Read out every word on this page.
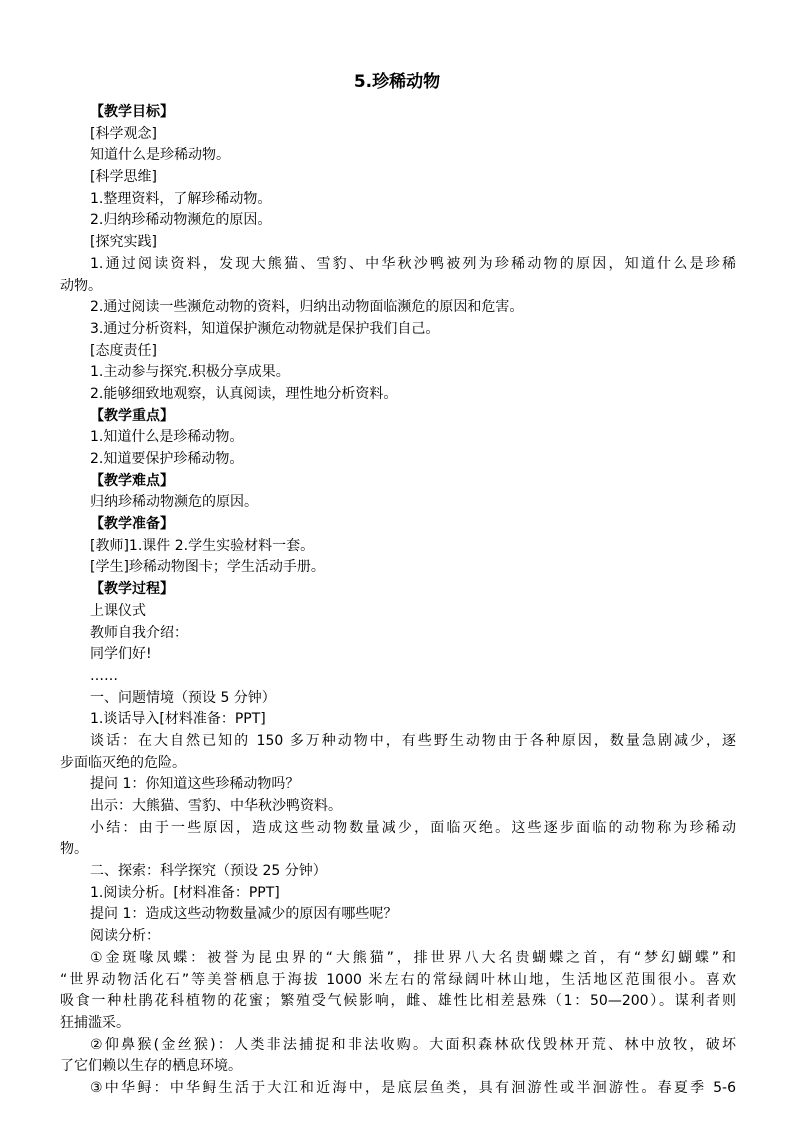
5.珍稀动物
【教学目标】
[科学观念]
知道什么是珍稀动物。
[科学思维]
1.整理资料，了解珍稀动物。
2.归纳珍稀动物濒危的原因。
[探究实践]
1.通过阅读资料，发现大熊猫、雪豹、中华秋沙鸭被列为珍稀动物的原因，知道什么是珍稀
动物。
2.通过阅读一些濒危动物的资料，归纳出动物面临濒危的原因和危害。
3.通过分析资料，知道保护濒危动物就是保护我们自己。
[态度责任]
1.主动参与探究.积极分享成果。
2.能够细致地观察，认真阅读，理性地分析资料。
【教学重点】
1.知道什么是珍稀动物。
2.知道要保护珍稀动物。
【教学难点】
归纳珍稀动物濒危的原因。
【教学准备】
[教师]1.课件 2.学生实验材料一套。
[学生]珍稀动物图卡；学生活动手册。
【教学过程】
上课仪式
教师自我介绍：
同学们好!
……
一、问题情境（预设 5 分钟）
1.谈话导入[材料准备：PPT]
谈话：在大自然已知的 150 多万种动物中，有些野生动物由于各种原因，数量急剧减少，逐
步面临灭绝的危险。
提问 1：你知道这些珍稀动物吗？
出示：大熊猫、雪豹、中华秋沙鸭资料。
小结：由于一些原因，造成这些动物数量减少，面临灭绝。这些逐步面临的动物称为珍稀动
物。
二、探索：科学探究（预设 25 分钟）
1.阅读分析。[材料准备：PPT]
提问 1：造成这些动物数量减少的原因有哪些呢？
阅读分析：
①金斑喙凤蝶：被誉为昆虫界的“大熊猫”，排世界八大名贵蝴蝶之首，有“梦幻蝴蝶”和
“世界动物活化石”等美誉栖息于海拔 1000 米左右的常绿阔叶林山地，生活地区范围很小。喜欢
吸食一种杜鹃花科植物的花蜜；繁殖受气候影响，雌、雄性比相差悬殊（1：50—200）。谋利者则
狂捕滥采。
②仰鼻猴(金丝猴)：人类非法捕捉和非法收购。大面积森林砍伐毁林开荒、林中放牧，破坏
了它们赖以生存的栖息环境。
③中华鲟：中华鲟生活于大江和近海中，是底层鱼类，具有洄游性或半洄游性。春夏季 5-6
